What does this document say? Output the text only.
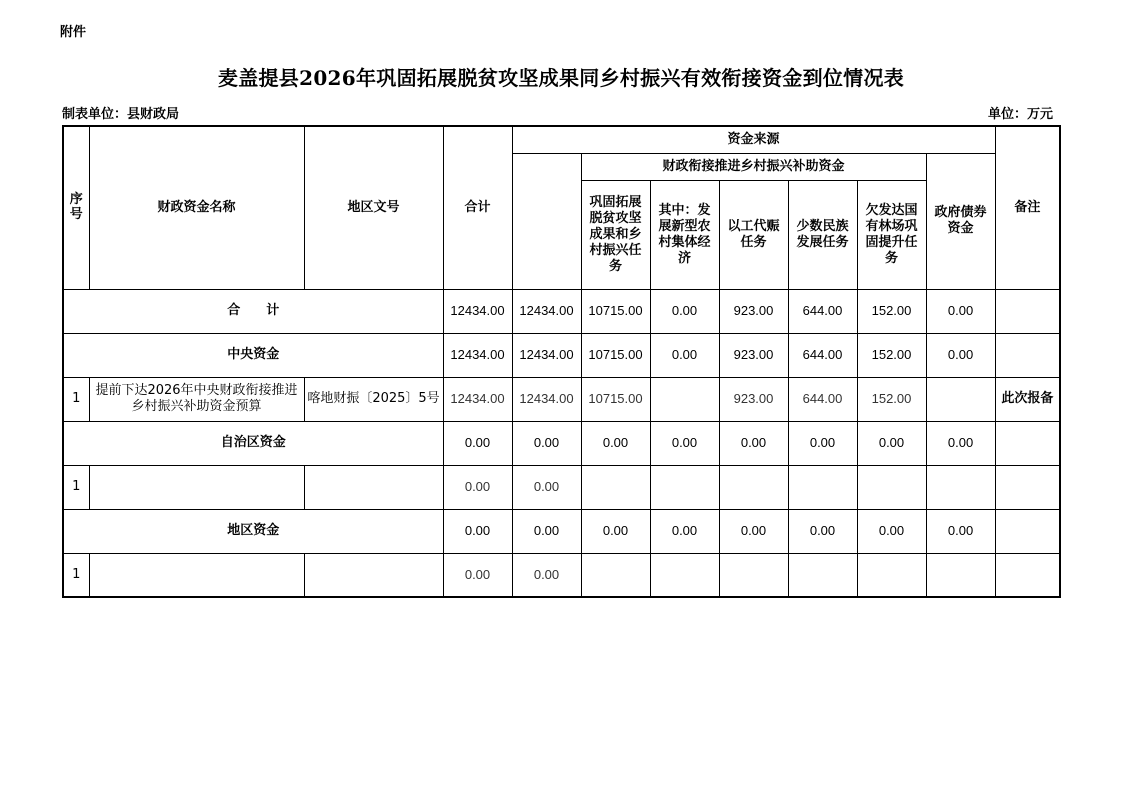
附件
麦盖提县2026年巩固拓展脱贫攻坚成果同乡村振兴有效衔接资金到位情况表
制表单位：县财政局	单位：万元
序号	财政资金名称	地区文号	合计	资金来源							备注
					财政衔接推进乡村振兴补助资金					政府债券资金	
					巩固拓展脱贫攻坚成果和乡村振兴任务	其中：发展新型农村集体经济	以工代赈任务	少数民族发展任务	欠发达国有林场巩固提升任务		
合　　计			12434.00	12434.00	10715.00	0.00	923.00	644.00	152.00	0.00	
中央资金			12434.00	12434.00	10715.00	0.00	923.00	644.00	152.00	0.00	
1	提前下达2026年中央财政衔接推进乡村振兴补助资金预算	喀地财振〔2025〕5号	12434.00	12434.00	10715.00		923.00	644.00	152.00		此次报备
自治区资金			0.00	0.00	0.00	0.00	0.00	0.00	0.00	0.00	
1			0.00	0.00							
地区资金			0.00	0.00	0.00	0.00	0.00	0.00	0.00	0.00	
1			0.00	0.00							
